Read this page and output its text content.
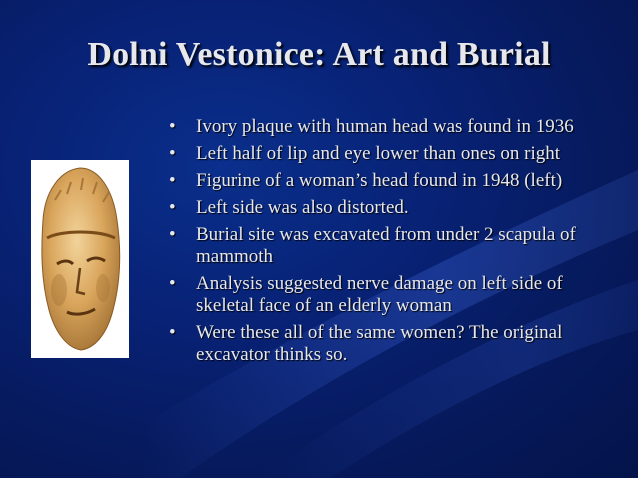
Dolni Vestonice: Art and Burial
• Ivory plaque with human head was found in 1936
• Left half of lip and eye lower than ones on right
• Figurine of a woman’s head found in 1948 (left)
• Left side was also distorted.
• Burial site was excavated from under 2 scapula of mammoth
• Analysis suggested nerve damage on left side of skeletal face of an elderly woman
• Were these all of the same women? The original excavator thinks so.
